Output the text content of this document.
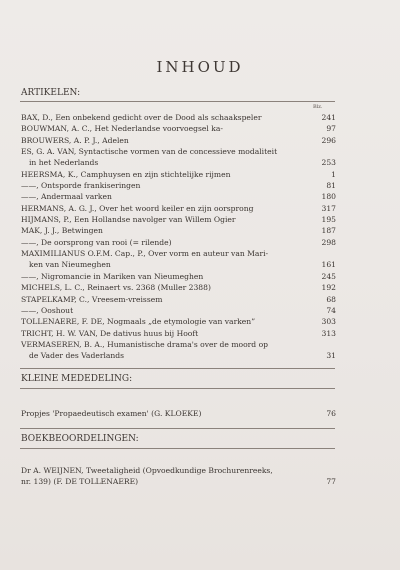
INHOUD
ARTIKELEN:
Blz.
BAX, D., Een onbekend gedicht over de Dood als schaakspeler	241
BOUWMAN, A. C., Het Nederlandse voorvoegsel ka-	97
BROUWERS, A. P. J., Adelen	296
ES, G. A. VAN, Syntactische vormen van de concessieve modaliteit
in het Nederlands	253
HEERSMA, K., Camphuysen en zijn stichtelijke rijmen	1
——, Ontsporde frankiseringen	81
——, Andermaal varken	180
HERMANS, A. G. J., Over het woord keiler en zijn oorsprong	317
HIJMANS, P., Een Hollandse navolger van Willem Ogier	195
MAK, J. J., Betwingen	187
——, De oorsprong van rooi (= rilende)	298
MAXIMILIANUS O.F.M. Cap., P., Over vorm en auteur van Mari-
ken van Nieumeghen	161
——, Nigromancie in Mariken van Nieumeghen	245
MICHELS, L. C., Reinaert vs. 2368 (Muller 2388)	192
STAPELKAMP, C., Vreesem-vreissem	68
——, Ooshout	74
TOLLENAERE, F. DE, Nogmaals „de etymologie van varken”	303
TRICHT, H. W. VAN, De dativus huus bij Hooft	313
VERMASEREN, B. A., Humanistische drama's over de moord op
de Vader des Vaderlands	31
KLEINE MEDEDELING:
Propjes 'Propaedeutisch examen' (G. KLOEKE)	76
BOEKBEOORDELINGEN:
Dr A. WEIJNEN, Tweetaligheid (Opvoedkundige Brochurenreeks,
nr. 139) (F. DE TOLLENAERE)	77
